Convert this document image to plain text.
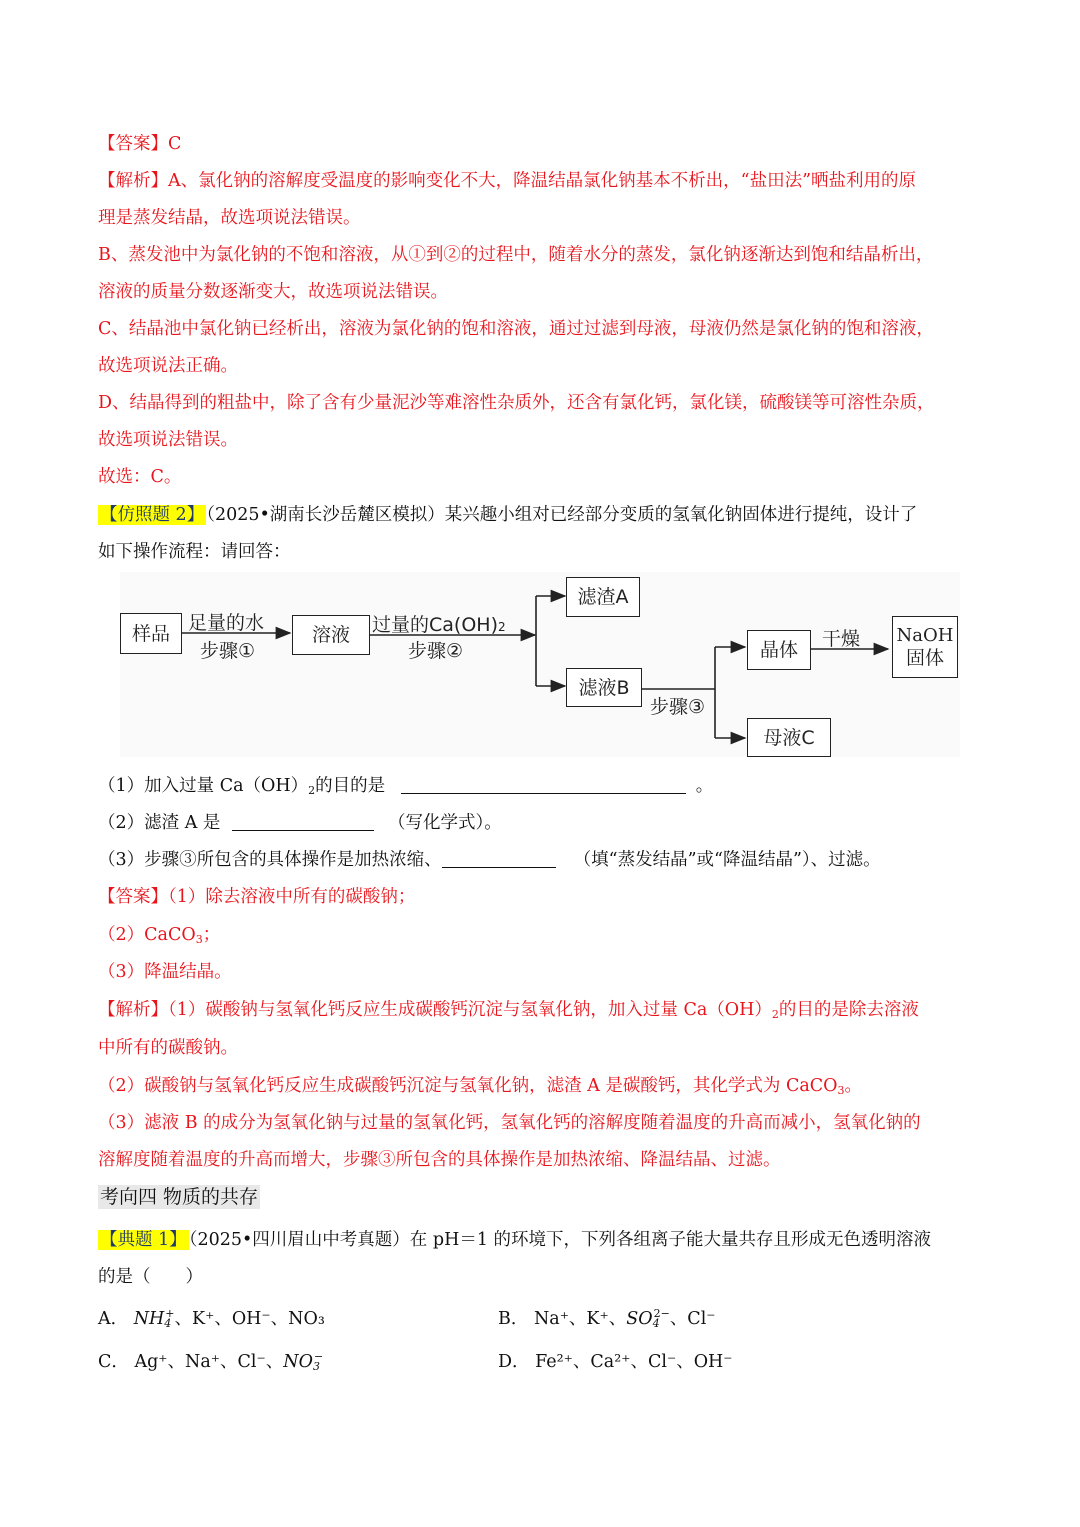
【答案】C
【解析】A、氯化钠的溶解度受温度的影响变化不大，降温结晶氯化钠基本不析出，“盐田法”晒盐利用的原
理是蒸发结晶，故选项说法错误。
B、蒸发池中为氯化钠的不饱和溶液，从①到②的过程中，随着水分的蒸发，氯化钠逐渐达到饱和结晶析出，
溶液的质量分数逐渐变大，故选项说法错误。
C、结晶池中氯化钠已经析出，溶液为氯化钠的饱和溶液，通过过滤到母液，母液仍然是氯化钠的饱和溶液，
故选项说法正确。
D、结晶得到的粗盐中，除了含有少量泥沙等难溶性杂质外，还含有氯化钙，氯化镁，硫酸镁等可溶性杂质，
故选项说法错误。
故选：C。
【仿照题 2】 （2025•湖南长沙岳麓区模拟）某兴趣小组对已经部分变质的氢氧化钠固体进行提纯，设计了
如下操作流程：请回答：
（1）加入过量 $Ca(OH)_2$的目的是	。
（2）滤渣 A 是	（写化学式）。
（3）步骤③所包含的具体操作是加热浓缩、	（填“蒸发结晶”或“降温结晶”）、过滤。
【答案】（1）除去溶液中所有的碳酸钠；
（2）CaCO$_3$；
（3）降温结晶。
【解析】（1）碳酸钠与氢氧化钙反应生成碳酸钙沉淀与氢氧化钠，加入过量 $Ca(OH)_2$的目的是除去溶液
中所有的碳酸钠。
（2）碳酸钠与氢氧化钙反应生成碳酸钙沉淀与氢氧化钠，滤渣 A 是碳酸钙，其化学式为 CaCO$_3$。
（3）滤液 B 的成分为氢氧化钠与过量的氢氧化钙，氢氧化钙的溶解度随着温度的升高而减小，氢氧化钠的
溶解度随着温度的升高而增大，步骤③所包含的具体操作是加热浓缩、降温结晶、过滤。
考向四 物质的共存
【典题 1】 （2025•四川眉山中考真题）在 pH＝1 的环境下，下列各组离子能大量共存且形成无色透明溶液
的是（　　）
A． $NH_4^+$、K⁺、OH⁻、NO₃	B． Na⁺、K⁺、$SO_4^{2-}$、Cl⁻
C． Ag⁺、Na⁺、Cl⁻、$NO_3^-$	D． Fe²⁺、Ca²⁺、Cl⁻、OH⁻
样品 足量的水
步骤①
溶液	过量的Ca(OH)2
步骤②
滤渣A
滤液B
步骤③
晶体	干燥 NaOH
固体
母液C
